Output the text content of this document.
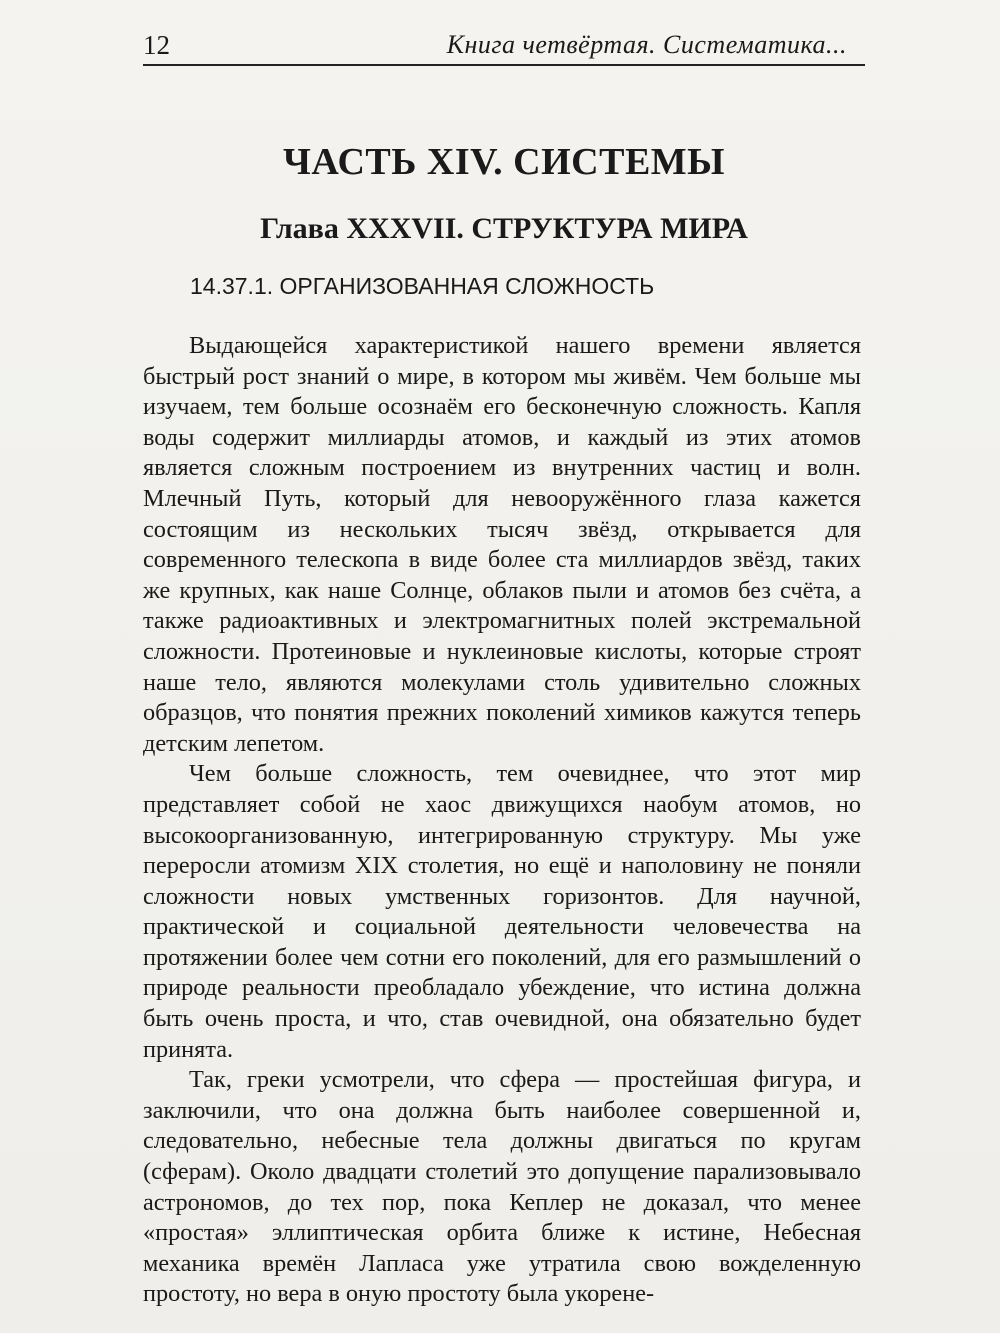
12	Книга четвёртая. Систематика...
ЧАСТЬ XIV. СИСТЕМЫ
Глава XXXVII. СТРУКТУРА МИРА
14.37.1. ОРГАНИЗОВАННАЯ СЛОЖНОСТЬ

Выдающейся характеристикой нашего времени является быстрый рост знаний о мире, в котором мы живём. Чем больше мы изучаем, тем больше осознаём его бесконечную сложность. Капля воды содержит миллиарды атомов, и каждый из этих атомов является сложным построением из внутренних частиц и волн. Млечный Путь, который для невооружённого глаза кажется состоящим из нескольких тысяч звёзд, открывается для современного телескопа в виде более ста миллиардов звёзд, таких же крупных, как наше Солнце, облаков пыли и атомов без счёта, а также радиоактивных и электромагнитных полей экстремальной сложности. Протеиновые и нуклеиновые кислоты, которые строят наше тело, являются молекулами столь удивительно сложных образцов, что понятия прежних поколений химиков кажутся теперь детским лепетом.

Чем больше сложность, тем очевиднее, что этот мир представляет собой не хаос движущихся наобум атомов, но высокоорганизованную, интегрированную структуру. Мы уже переросли атомизм XIX столетия, но ещё и наполовину не поняли сложности новых умственных горизонтов. Для научной, практической и социальной деятельности человечества на протяжении более чем сотни его поколений, для его размышлений о природе реальности преобладало убеждение, что истина должна быть очень проста, и что, став очевидной, она обязательно будет принята.

Так, греки усмотрели, что сфера — простейшая фигура, и заключили, что она должна быть наиболее совершенной и, следовательно, небесные тела должны двигаться по кругам (сферам). Около двадцати столетий это допущение парализовывало астрономов, до тех пор, пока Кеплер не доказал, что менее «простая» эллиптическая орбита ближе к истине, Небесная механика времён Лапласа уже утратила свою вожделенную простоту, но вера в оную простоту была укорене-
